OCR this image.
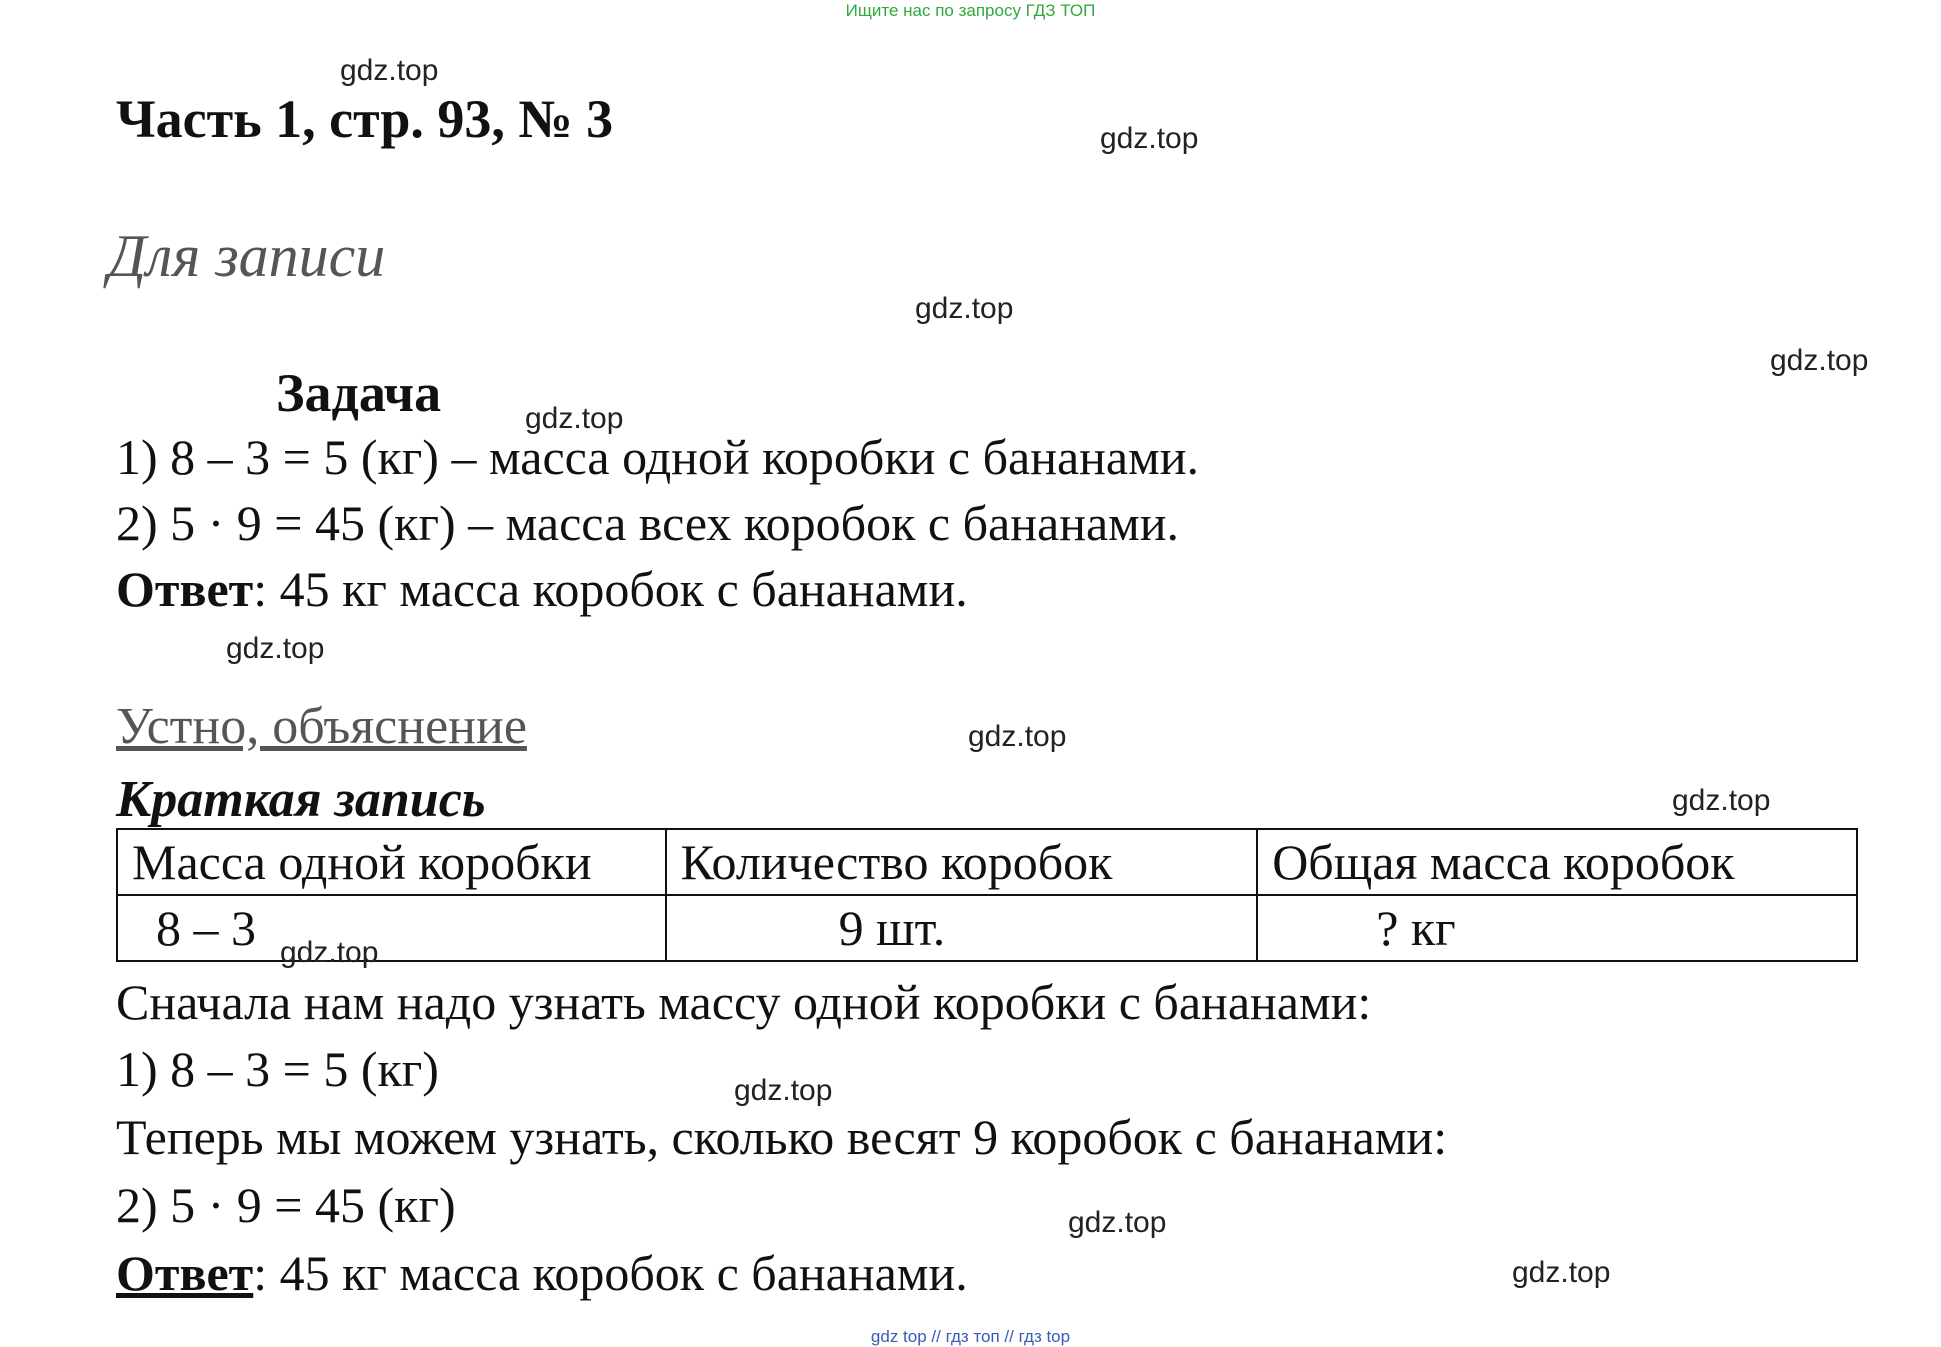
Ищите нас по запросу ГДЗ ТОП
Часть 1, стр. 93, № 3
Для записи
Задача
1) 8 – 3 = 5 (кг) – масса одной коробки с бананами.
2) 5 · 9 = 45 (кг) – масса всех коробок с бананами.
Ответ: 45 кг масса коробок с бананами.
Устно, объяснение
Краткая запись
Масса одной коробки	Количество коробок	Общая масса коробок
8 – 3	9 шт.	? кг
Сначала нам надо узнать массу одной коробки с бананами:
1) 8 – 3 = 5 (кг)
Теперь мы можем узнать, сколько весят 9 коробок с бананами:
2) 5 · 9 = 45 (кг)
Ответ: 45 кг масса коробок с бананами.
gdz.top
gdz.top
gdz.top
gdz.top
gdz.top
gdz.top
gdz.top
gdz.top
gdz.top
gdz.top
gdz.top
gdz.top
gdz top // гдз топ // гдз top
